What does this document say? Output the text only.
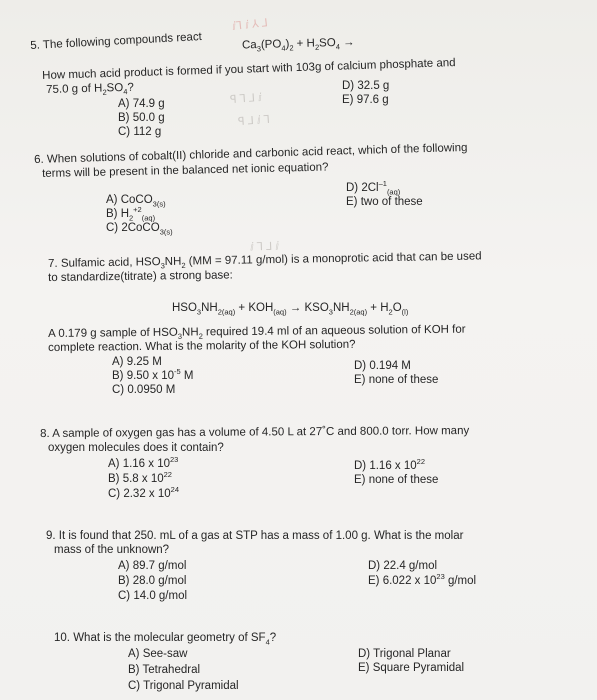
ⅈ⅂ ⅈ ⅄ ⅃
ꟼ ⅂ ⅃ ⅈ
ꟼ ⅃ ⅈ ⅂
ⅈ ⅂ ⅃ ⅈ
5. The following compounds react	$Ca_3(PO_4)_2 + H_2SO_4$ →
How much acid product is formed if you start with 103g of calcium phosphate and
75.0 g of $H_2SO_4$?
A) 74.9 g
B) 50.0 g
C) 112 g
D) 32.5 g
E) 97.6 g
6. When solutions of cobalt(II) chloride and carbonic acid react, which of the following
terms will be present in the balanced net ionic equation?
A) CoCO$_{3(s)}$
B) $H_2^{+2}_{(aq)}$
C) 2CoCO$_{3(s)}$
D) $2Cl^{-1}_{(aq)}$
E) two of these
7. Sulfamic acid, $HSO_3NH_2$ (MM = 97.11 g/mol) is a monoprotic acid that can be used
to standardize(titrate) a strong base:
$HSO_3NH_{2(aq)} + KOH_{(aq)} \to KSO_3NH_{2(aq)} + H_2O_{(l)}$
A 0.179 g sample of $HSO_3NH_2$ required 19.4 ml of an aqueous solution of KOH for
complete reaction. What is the molarity of the KOH solution?
A) 9.25 M
B) 9.50 x $10^{-5}$ M
C) 0.0950 M
D) 0.194 M
E) none of these
8. A sample of oxygen gas has a volume of 4.50 L at 27˚C and 800.0 torr. How many
oxygen molecules does it contain?
A) 1.16 x $10^{23}$
B) 5.8 x $10^{22}$
C) 2.32 x $10^{24}$
D) 1.16 x $10^{22}$
E) none of these
9. It is found that 250. mL of a gas at STP has a mass of 1.00 g. What is the molar
mass of the unknown?
A) 89.7 g/mol
B) 28.0 g/mol
C) 14.0 g/mol
D) 22.4 g/mol
E) 6.022 x $10^{23}$ g/mol
10. What is the molecular geometry of $SF_4$?
A) See-saw
B) Tetrahedral
C) Trigonal Pyramidal
D) Trigonal Planar
E) Square Pyramidal
